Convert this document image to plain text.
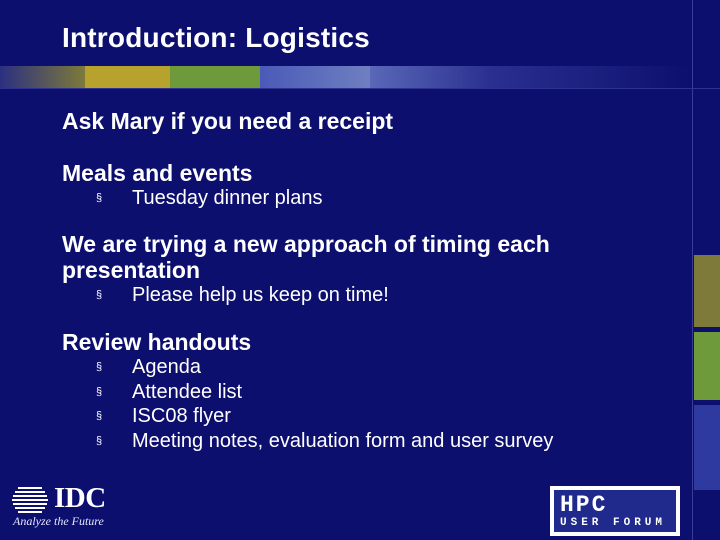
Introduction: Logistics
Ask Mary if you need a receipt
Meals and events
§ Tuesday dinner plans
We are trying a new approach of timing each presentation
§ Please help us keep on time!
Review handouts
§ Agenda
§ Attendee list
§ ISC08 flyer
§ Meeting notes, evaluation form and user survey
IDC
Analyze the Future
HPC
USER FORUM
